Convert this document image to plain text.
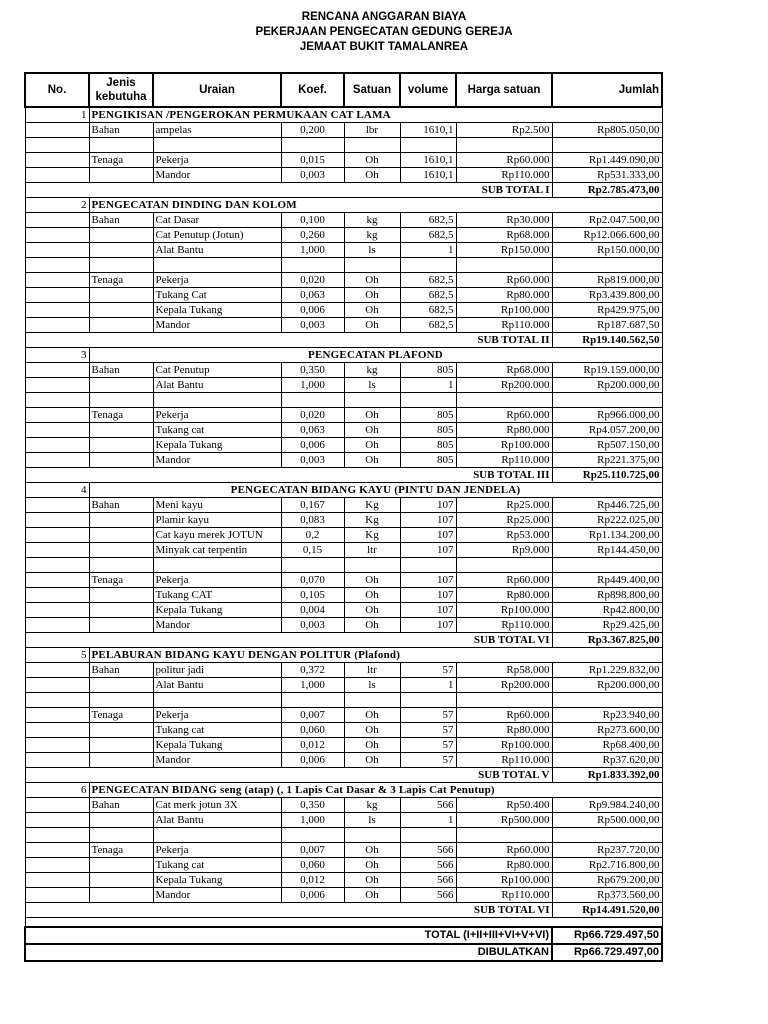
RENCANA ANGGARAN BIAYA
PEKERJAAN PENGECATAN GEDUNG GEREJA
JEMAAT BUKIT TAMALANREA
No.	Jenis kebutuha	Uraian	Koef.	Satuan	volume	Harga satuan	Jumlah
1	PENGIKISAN /PENGEROKAN PERMUKAAN CAT LAMA						
	Bahan	ampelas	0,200	lbr	1610,1	Rp2.500	Rp805.050,00

	Tenaga	Pekerja	0,015	Oh	1610,1	Rp60.000	Rp1.449.090,00
		Mandor	0,003	Oh	1610,1	Rp110.000	Rp531.333,00
SUB TOTAL I							Rp2.785.473,00
2	PENGECATAN DINDING DAN KOLOM						
	Bahan	Cat Dasar	0,100	kg	682,5	Rp30.000	Rp2.047.500,00
		Cat Penutup (Jotun)	0,260	kg	682,5	Rp68.000	Rp12.066.600,00
		Alat Bantu	1,000	ls	1	Rp150.000	Rp150.000,00

	Tenaga	Pekerja	0,020	Oh	682,5	Rp60.000	Rp819.000,00
		Tukang Cat	0,063	Oh	682,5	Rp80.000	Rp3.439.800,00
		Kepala Tukang	0,006	Oh	682,5	Rp100.000	Rp429.975,00
		Mandor	0,003	Oh	682,5	Rp110.000	Rp187.687,50
SUB TOTAL II							Rp19.140.562,50
3	PENGECATAN PLAFOND						
	Bahan	Cat Penutup	0,350	kg	805	Rp68.000	Rp19.159.000,00
		Alat Bantu	1,000	ls	1	Rp200.000	Rp200.000,00

	Tenaga	Pekerja	0,020	Oh	805	Rp60.000	Rp966.000,00
		Tukang cat	0,063	Oh	805	Rp80.000	Rp4.057.200,00
		Kepala Tukang	0,006	Oh	805	Rp100.000	Rp507.150,00
		Mandor	0,003	Oh	805	Rp110.000	Rp221.375,00
SUB TOTAL III							Rp25.110.725,00
4	PENGECATAN BIDANG KAYU (PINTU DAN JENDELA)						
	Bahan	Meni kayu	0,167	Kg	107	Rp25.000	Rp446.725,00
		Plamir kayu	0,083	Kg	107	Rp25.000	Rp222.025,00
		Cat kayu merek JOTUN	0,2	Kg	107	Rp53.000	Rp1.134.200,00
		Minyak cat terpentin	0,15	ltr	107	Rp9.000	Rp144.450,00

	Tenaga	Pekerja	0,070	Oh	107	Rp60.000	Rp449.400,00
		Tukang CAT	0,105	Oh	107	Rp80.000	Rp898.800,00
		Kepala Tukang	0,004	Oh	107	Rp100.000	Rp42.800,00
		Mandor	0,003	Oh	107	Rp110.000	Rp29.425,00
SUB TOTAL VI							Rp3.367.825,00
5	PELABURAN BIDANG KAYU DENGAN POLITUR (Plafond)						
	Bahan	politur jadi	0,372	ltr	57	Rp58.000	Rp1.229.832,00
		Alat Bantu	1,000	ls	1	Rp200.000	Rp200.000,00

	Tenaga	Pekerja	0,007	Oh	57	Rp60.000	Rp23.940,00
		Tukang cat	0,060	Oh	57	Rp80.000	Rp273.600,00
		Kepala Tukang	0,012	Oh	57	Rp100.000	Rp68.400,00
		Mandor	0,006	Oh	57	Rp110.000	Rp37.620,00
SUB TOTAL V							Rp1.833.392,00
6	PENGECATAN BIDANG seng (atap) (, 1 Lapis Cat Dasar & 3 Lapis Cat Penutup)						
	Bahan	Cat merk jotun 3X	0,350	kg	566	Rp50.400	Rp9.984.240,00
		Alat Bantu	1,000	ls	1	Rp500.000	Rp500.000,00

	Tenaga	Pekerja	0,007	Oh	566	Rp60.000	Rp237.720,00
		Tukang cat	0,060	Oh	566	Rp80.000	Rp2.716.800,00
		Kepala Tukang	0,012	Oh	566	Rp100.000	Rp679.200,00
		Mandor	0,006	Oh	566	Rp110.000	Rp373.560,00
SUB TOTAL VI							Rp14.491.520,00

TOTAL (I+II+III+VI+V+VI)							Rp66.729.497,50
DIBULATKAN							Rp66.729.497,00
